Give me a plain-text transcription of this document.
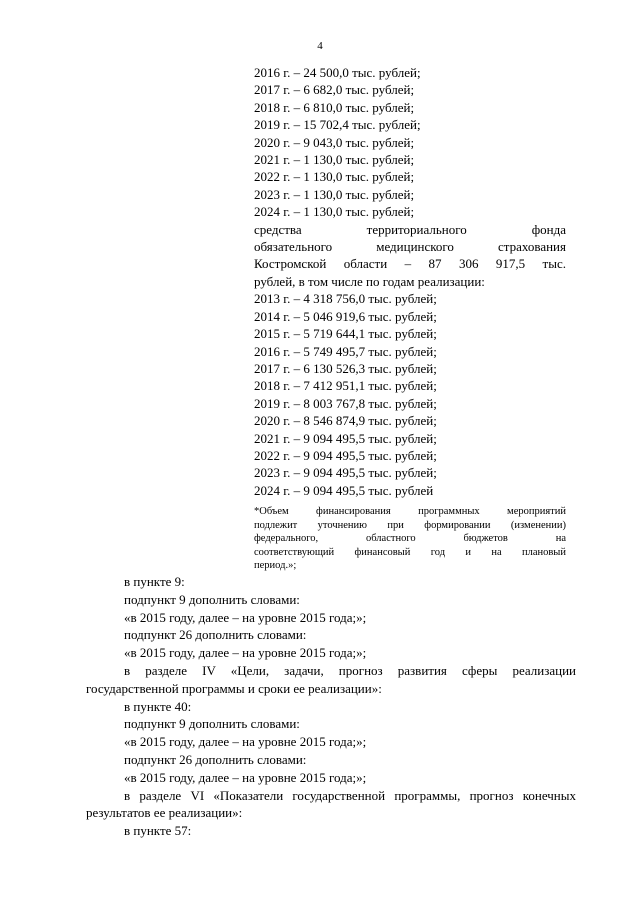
4
2016 г. – 24 500,0 тыс. рублей;
2017 г. – 6 682,0 тыс. рублей;
2018 г. – 6 810,0 тыс. рублей;
2019 г. – 15 702,4 тыс. рублей;
2020 г. – 9 043,0 тыс. рублей;
2021 г. – 1 130,0 тыс. рублей;
2022 г. – 1 130,0 тыс. рублей;
2023 г. – 1 130,0 тыс. рублей;
2024 г. – 1 130,0 тыс. рублей;
средства территориального фонда
обязательного медицинского страхования
Костромской области – 87 306 917,5 тыс.
рублей, в том числе по годам реализации:
2013 г. – 4 318 756,0 тыс. рублей;
2014 г. – 5 046 919,6 тыс. рублей;
2015 г. – 5 719 644,1 тыс. рублей;
2016 г. – 5 749 495,7 тыс. рублей;
2017 г. – 6 130 526,3 тыс. рублей;
2018 г. – 7 412 951,1 тыс. рублей;
2019 г. – 8 003 767,8 тыс. рублей;
2020 г. – 8 546 874,9 тыс. рублей;
2021 г. – 9 094 495,5 тыс. рублей;
2022 г. – 9 094 495,5 тыс. рублей;
2023 г. – 9 094 495,5 тыс. рублей;
2024 г. – 9 094 495,5 тыс. рублей
*Объем финансирования программных мероприятий
подлежит уточнению при формировании (изменении)
федерального, областного бюджетов на
соответствующий финансовый год и на плановый
период.»;

в пункте 9:

подпункт 9 дополнить словами:

«в 2015 году, далее – на уровне 2015 года;»;

подпункт 26 дополнить словами:

«в 2015 году, далее – на уровне 2015 года;»;

в разделе IV «Цели, задачи, прогноз развития сферы реализации государственной программы и сроки ее реализации»:

в пункте 40:

подпункт 9 дополнить словами:

«в 2015 году, далее – на уровне 2015 года;»;

подпункт 26 дополнить словами:

«в 2015 году, далее – на уровне 2015 года;»;

в разделе VI «Показатели государственной программы, прогноз конечных результатов ее реализации»:

в пункте 57:
